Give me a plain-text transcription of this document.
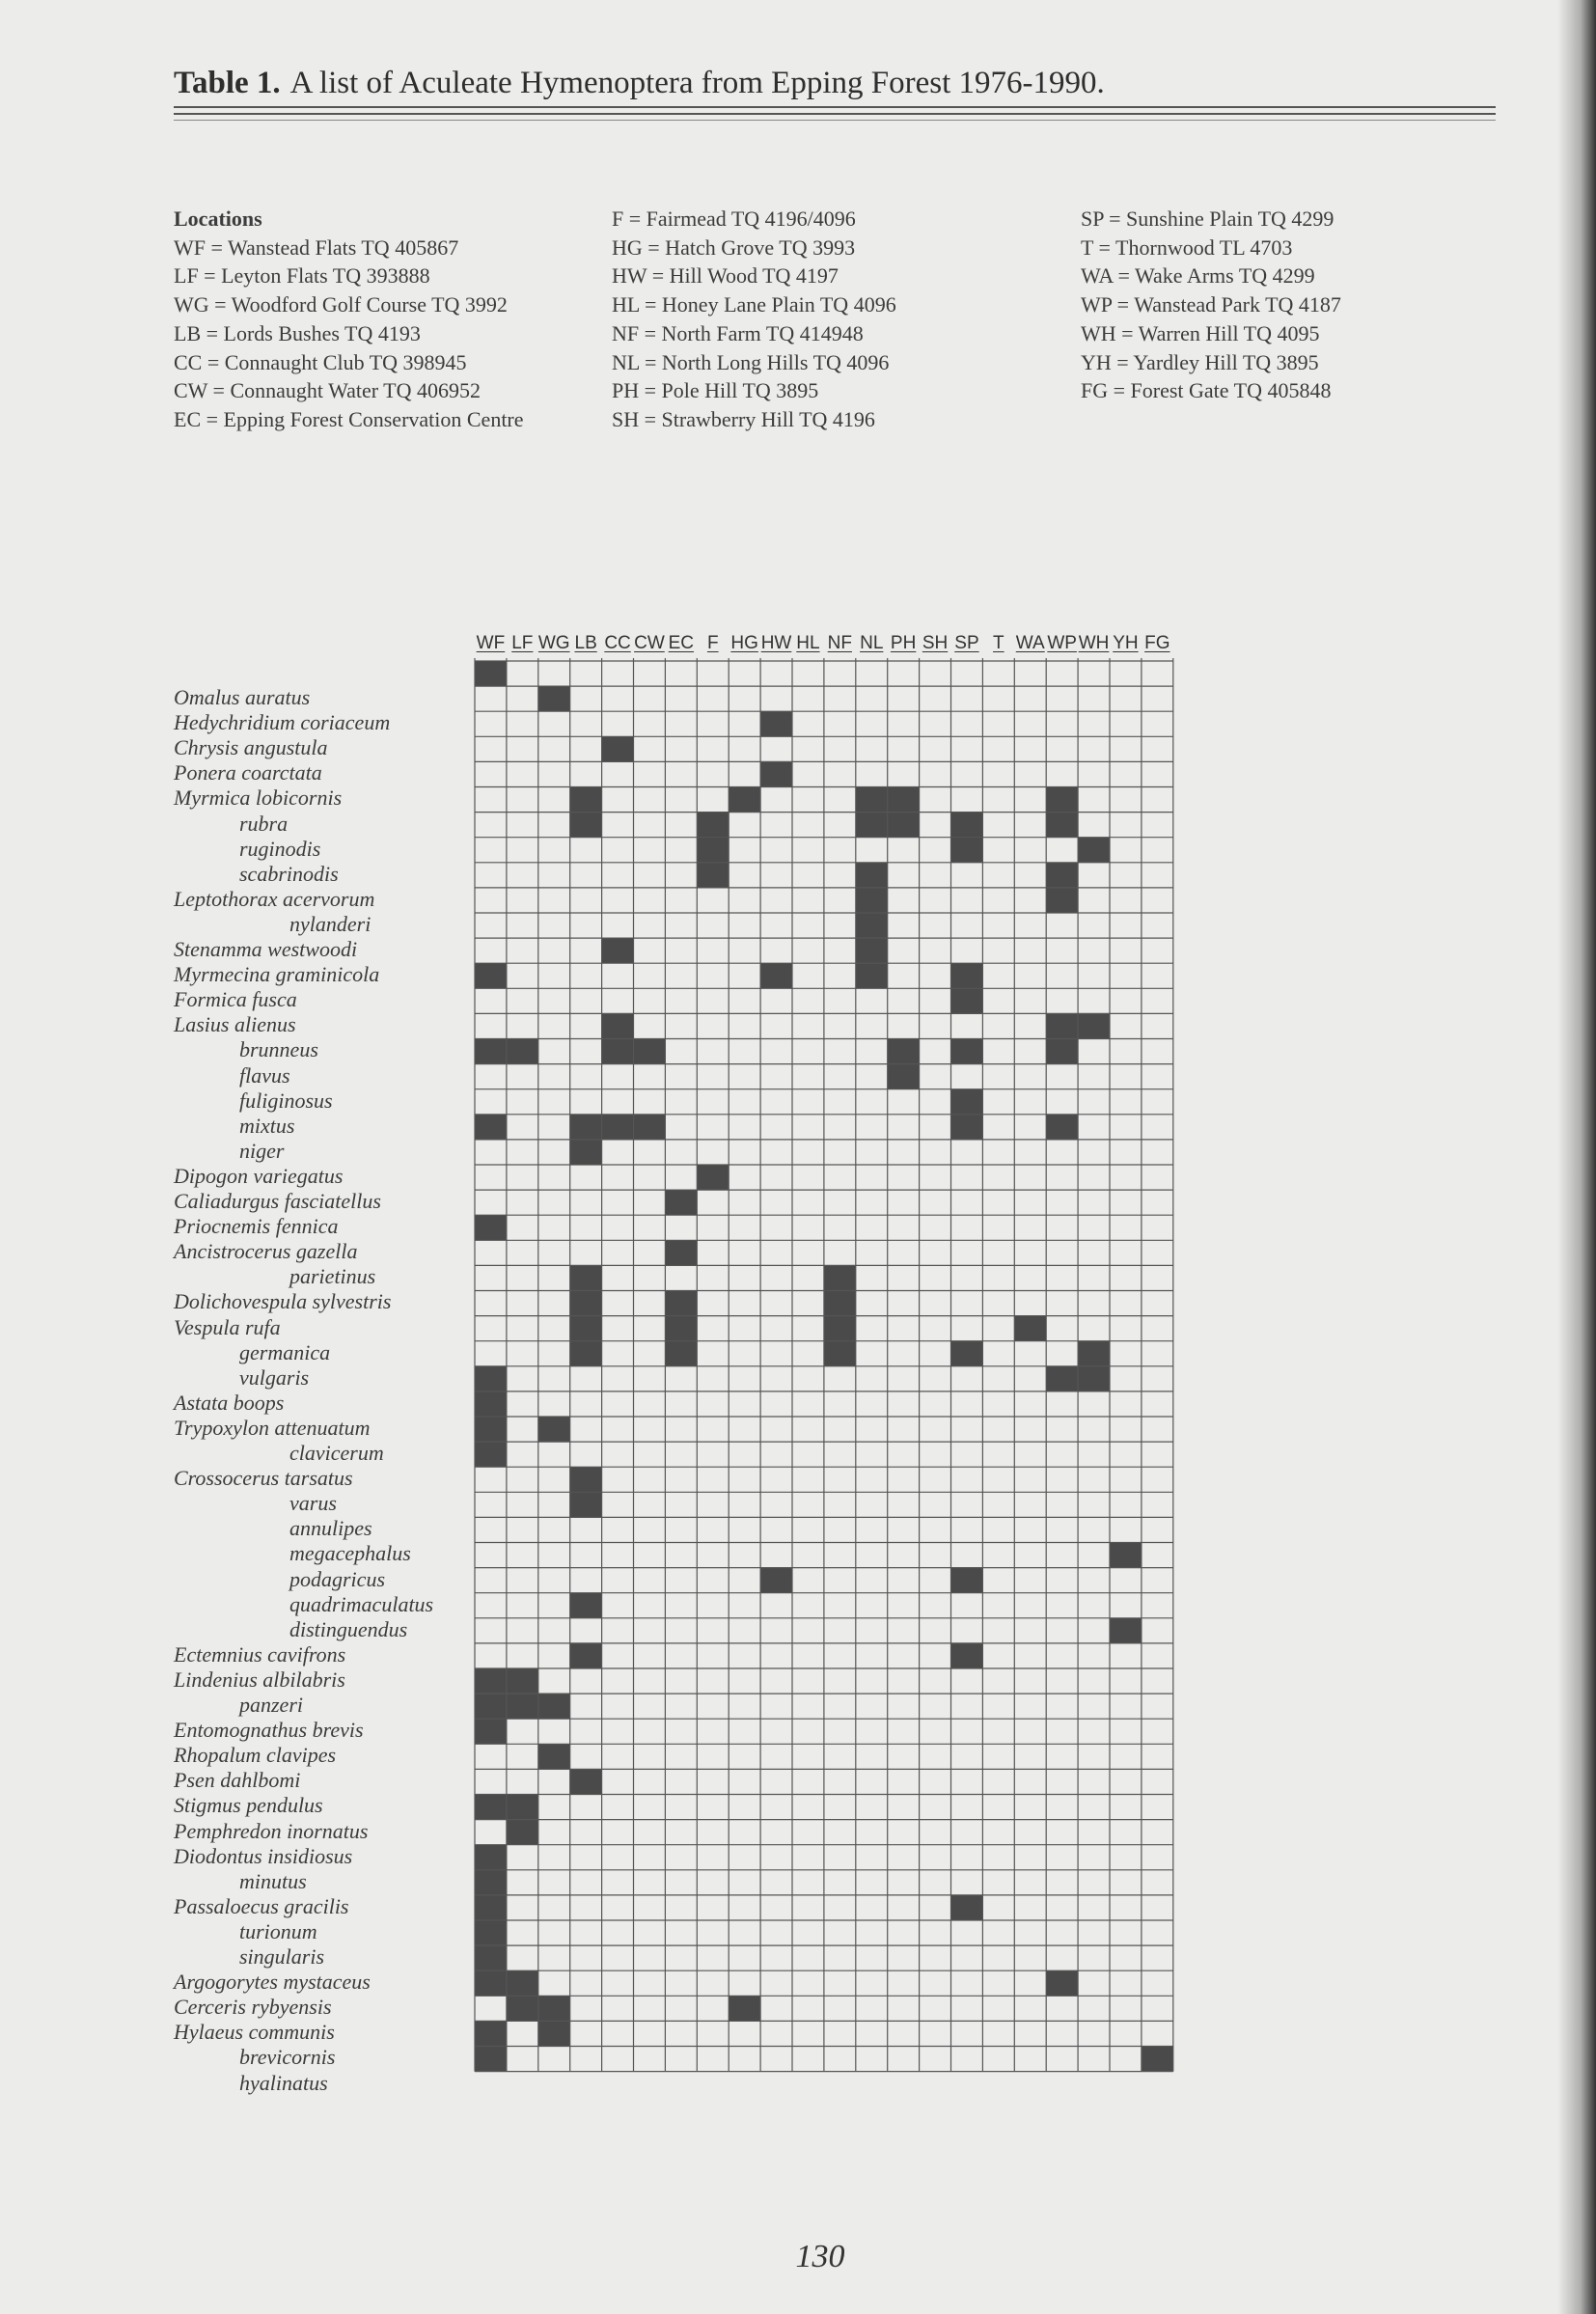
Table 1. A list of Aculeate Hymenoptera from Epping Forest 1976-1990.
Locations
WF = Wanstead Flats TQ 405867
LF = Leyton Flats TQ 393888
WG = Woodford Golf Course TQ 3992
LB = Lords Bushes TQ 4193
CC = Connaught Club TQ 398945
CW = Connaught Water TQ 406952
EC = Epping Forest Conservation Centre
F = Fairmead TQ 4196/4096
HG = Hatch Grove TQ 3993
HW = Hill Wood TQ 4197
HL = Honey Lane Plain TQ 4096
NF = North Farm TQ 414948
NL = North Long Hills TQ 4096
PH = Pole Hill TQ 3895
SH = Strawberry Hill TQ 4196
SP = Sunshine Plain TQ 4299
T = Thornwood TL 4703
WA = Wake Arms TQ 4299
WP = Wanstead Park TQ 4187
WH = Warren Hill TQ 4095
YH = Yardley Hill TQ 3895
FG = Forest Gate TQ 405848
WF LF WG LB CC CW EC F HG HW HL NF NL PH SH SP T WA WP WH YH FG
Omalus auratus
Hedychridium coriaceum
Chrysis angustula
Ponera coarctata
Myrmica lobicornis
rubra
ruginodis
scabrinodis
Leptothorax acervorum
nylanderi
Stenamma westwoodi
Myrmecina graminicola
Formica fusca
Lasius alienus
brunneus
flavus
fuliginosus
mixtus
niger
Dipogon variegatus
Caliadurgus fasciatellus
Priocnemis fennica
Ancistrocerus gazella
parietinus
Dolichovespula sylvestris
Vespula rufa
germanica
vulgaris
Astata boops
Trypoxylon attenuatum
clavicerum
Crossocerus tarsatus
varus
annulipes
megacephalus
podagricus
quadrimaculatus
distinguendus
Ectemnius cavifrons
Lindenius albilabris
panzeri
Entomognathus brevis
Rhopalum clavipes
Psen dahlbomi
Stigmus pendulus
Pemphredon inornatus
Diodontus insidiosus
minutus
Passaloecus gracilis
turionum
singularis
Argogorytes mystaceus
Cerceris rybyensis
Hylaeus communis
brevicornis
hyalinatus
130
